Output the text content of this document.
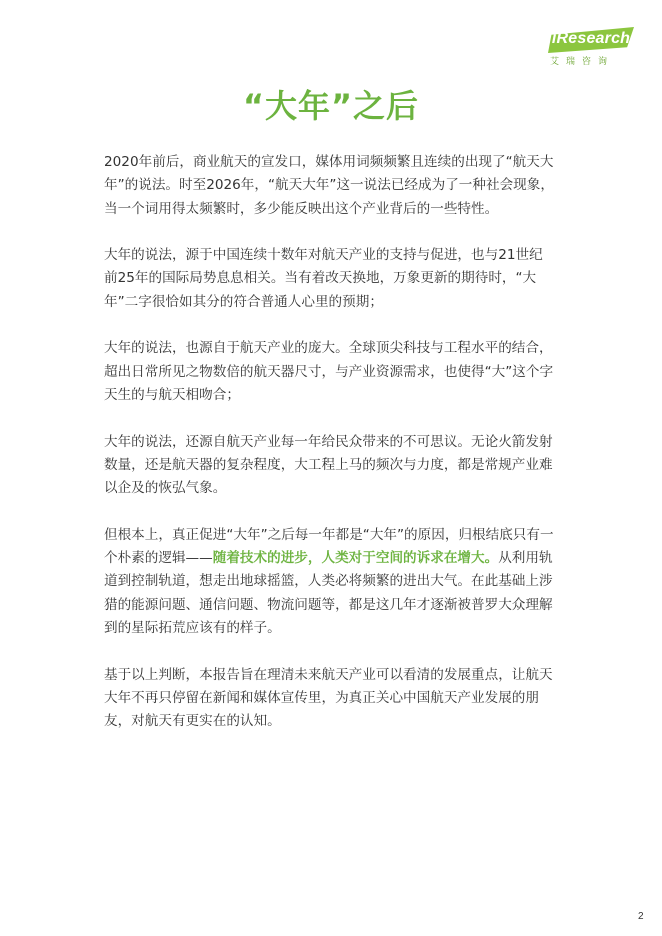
iResearch
艾瑞咨询
“大年”之后

2020年前后，商业航天的宣发口，媒体用词频频繁且连续的出现了“航天大年”的说法。时至2026年，“航天大年”这一说法已经成为了一种社会现象，当一个词用得太频繁时，多少能反映出这个产业背后的一些特性。

大年的说法，源于中国连续十数年对航天产业的支持与促进，也与21世纪前25年的国际局势息息相关。当有着改天换地，万象更新的期待时，“大年”二字很恰如其分的符合普通人心里的预期；

大年的说法，也源自于航天产业的庞大。全球顶尖科技与工程水平的结合，超出日常所见之物数倍的航天器尺寸，与产业资源需求，也使得“大”这个字天生的与航天相吻合；

大年的说法，还源自航天产业每一年给民众带来的不可思议。无论火箭发射数量，还是航天器的复杂程度，大工程上马的频次与力度，都是常规产业难以企及的恢弘气象。

但根本上，真正促进“大年”之后每一年都是“大年”的原因，归根结底只有一个朴素的逻辑——随着技术的进步，人类对于空间的诉求在增大。从利用轨道到控制轨道，想走出地球摇篮，人类必将频繁的进出大气。在此基础上涉猎的能源问题、通信问题、物流问题等，都是这几年才逐渐被普罗大众理解到的星际拓荒应该有的样子。

基于以上判断，本报告旨在理清未来航天产业可以看清的发展重点，让航天大年不再只停留在新闻和媒体宣传里，为真正关心中国航天产业发展的朋友，对航天有更实在的认知。

2
